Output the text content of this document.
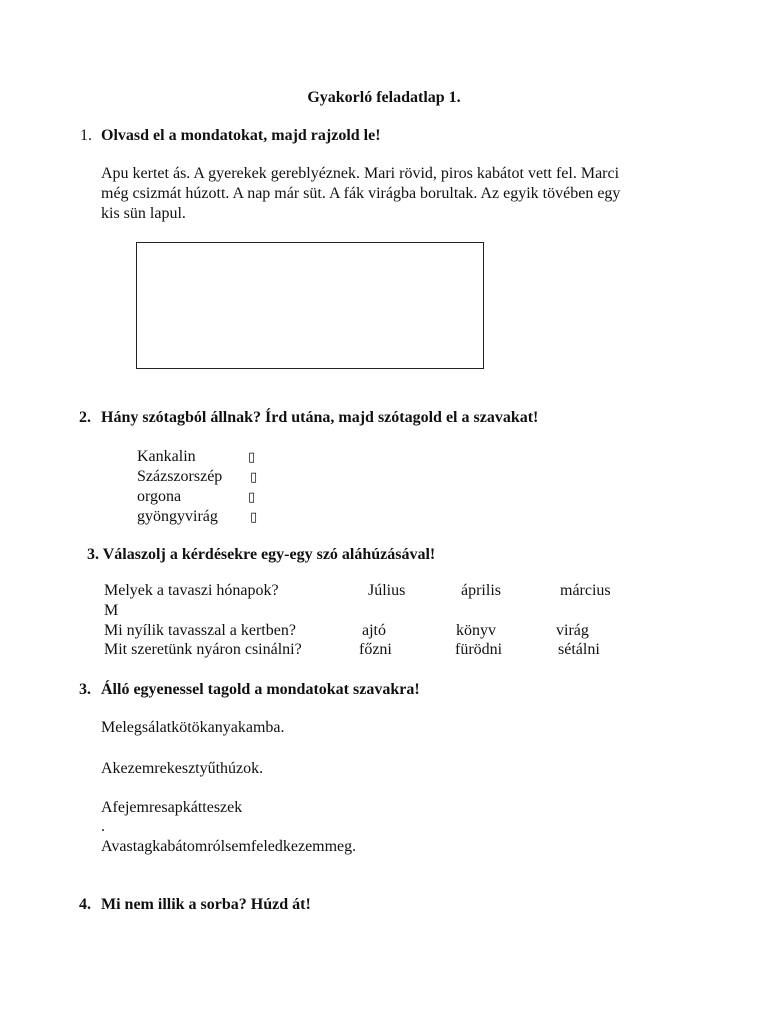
Gyakorló feladatlap 1.
1. Olvasd el a mondatokat, majd rajzold le!
Apu kertet ás. A gyerekek gereblyéznek. Mari rövid, piros kabátot vett fel. Marci
még csizmát húzott. A nap már süt. A fák virágba borultak. Az egyik tövében egy
kis sün lapul.
2. Hány szótagból állnak? Írd utána, majd szótagold el a szavakat!
Kankalin	▯
Százszorszép ▯
orgona	▯
gyöngyvirág ▯
3. Válaszolj a kérdésekre egy-egy szó aláhúzásával!
Melyek a tavaszi hónapok?	Július	április	március
M
Mi nyílik tavasszal a kertben?	ajtó	könyv	virág
Mit szeretünk nyáron csinálni?	főzni	fürödni	sétálni
3. Álló egyenessel tagold a mondatokat szavakra!
Melegsálatkötökanyakamba.
Akezemrekesztyűthúzok.
Afejemresapkátteszek
.
Avastagkabátomrólsemfeledkezemmeg.
4. Mi nem illik a sorba? Húzd át!
